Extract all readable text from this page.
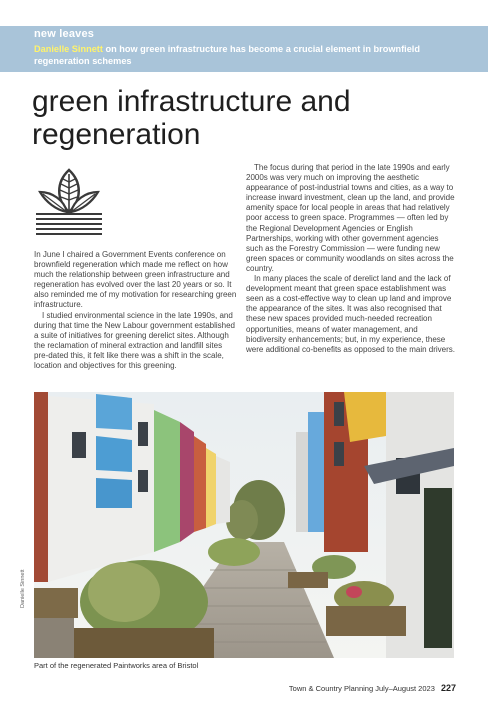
new leaves
Danielle Sinnett on how green infrastructure has become a crucial element in brownfield regeneration schemes
green infrastructure and regeneration

In June I chaired a Government Events conference on brownfield regeneration which made me reflect on how much the relationship between green infrastructure and regeneration has evolved over the last 20 years or so. It also reminded me of my motivation for researching green infrastructure.

I studied environmental science in the late 1990s, and during that time the New Labour government established a suite of initiatives for greening derelict sites. Although the reclamation of mineral extraction and landfill sites pre-dated this, it felt like there was a shift in the scale, location and objectives for this greening.

The focus during that period in the late 1990s and early 2000s was very much on improving the aesthetic appearance of post-industrial towns and cities, as a way to increase inward investment, clean up the land, and provide amenity space for local people in areas that had relatively poor access to green space. Programmes — often led by the Regional Development Agencies or English Partnerships, working with other government agencies such as the Forestry Commission — were funding new green spaces or community woodlands on sites across the country.

In many places the scale of derelict land and the lack of development meant that green space establishment was seen as a cost-effective way to clean up land and improve the appearance of the sites. It was also recognised that these new spaces provided much-needed recreation opportunities, means of water management, and biodiversity enhancements; but, in my experience, these were additional co-benefits as opposed to the main drivers.

Danielle Sinnett
Part of the regenerated Paintworks area of Bristol
Town & Country Planning July–August 2023 227
